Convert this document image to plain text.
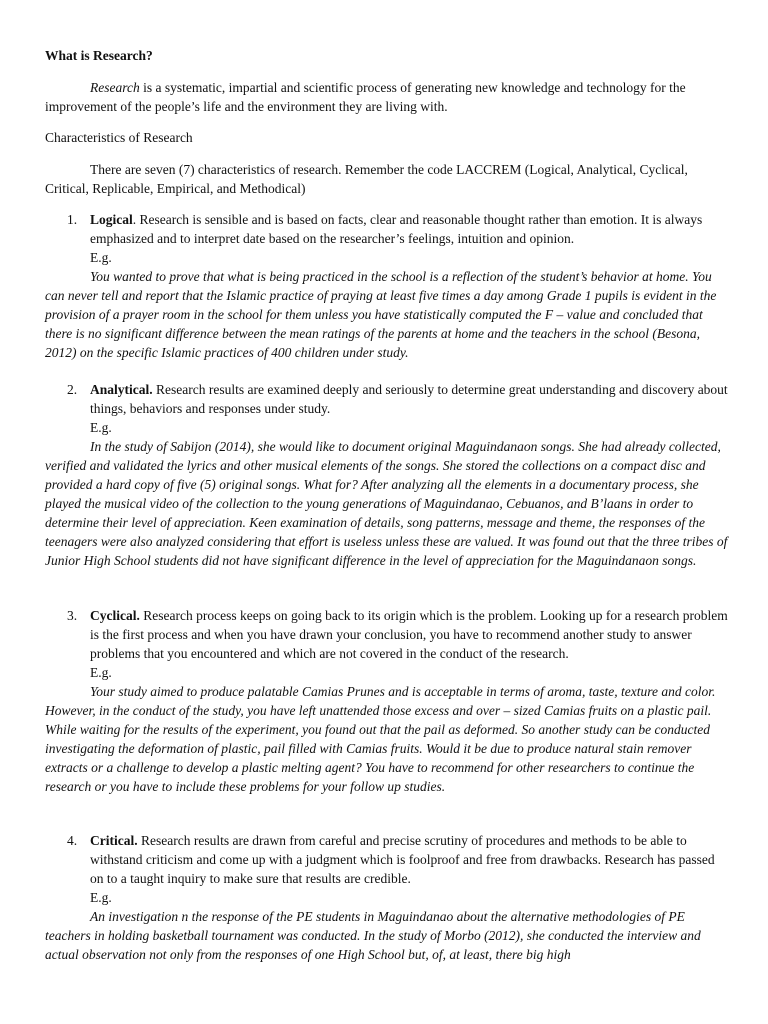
What is Research?

Research is a systematic, impartial and scientific process of generating new knowledge and technology for the improvement of the people’s life and the environment they are living with.

Characteristics of Research

There are seven (7) characteristics of research. Remember the code LACCREM (Logical, Analytical, Cyclical, Critical, Replicable, Empirical, and Methodical)

1. Logical. Research is sensible and is based on facts, clear and reasonable thought rather than emotion. It is always emphasized and to interpret date based on the researcher’s feelings, intuition and opinion.

E.g.

You wanted to prove that what is being practiced in the school is a reflection of the student’s behavior at home. You can never tell and report that the Islamic practice of praying at least five times a day among Grade 1 pupils is evident in the provision of a prayer room in the school for them unless you have statistically computed the F – value and concluded that there is no significant difference between the mean ratings of the parents at home and the teachers in the school (Besona, 2012) on the specific Islamic practices of 400 children under study.

2. Analytical. Research results are examined deeply and seriously to determine great understanding and discovery about things, behaviors and responses under study.

E.g.

In the study of Sabijon (2014), she would like to document original Maguindanaon songs. She had already collected, verified and validated the lyrics and other musical elements of the songs. She stored the collections on a compact disc and provided a hard copy of five (5) original songs. What for? After analyzing all the elements in a documentary process, she played the musical video of the collection to the young generations of Maguindanao, Cebuanos, and B’laans in order to determine their level of appreciation. Keen examination of details, song patterns, message and theme, the responses of the teenagers were also analyzed considering that effort is useless unless these are valued. It was found out that the three tribes of Junior High School students did not have significant difference in the level of appreciation for the Maguindanaon songs.

3. Cyclical. Research process keeps on going back to its origin which is the problem. Looking up for a research problem is the first process and when you have drawn your conclusion, you have to recommend another study to answer problems that you encountered and which are not covered in the conduct of the research.

E.g.

Your study aimed to produce palatable Camias Prunes and is acceptable in terms of aroma, taste, texture and color. However, in the conduct of the study, you have left unattended those excess and over – sized Camias fruits on a plastic pail. While waiting for the results of the experiment, you found out that the pail as deformed. So another study can be conducted investigating the deformation of plastic, pail filled with Camias fruits. Would it be due to produce natural stain remover extracts or a challenge to develop a plastic melting agent? You have to recommend for other researchers to continue the research or you have to include these problems for your follow up studies.

4. Critical. Research results are drawn from careful and precise scrutiny of procedures and methods to be able to withstand criticism and come up with a judgment which is foolproof and free from drawbacks. Research has passed on to a taught inquiry to make sure that results are credible.

E.g.

An investigation n the response of the PE students in Maguindanao about the alternative methodologies of PE teachers in holding basketball tournament was conducted. In the study of Morbo (2012), she conducted the interview and actual observation not only from the responses of one High School but, of, at least, there big high
